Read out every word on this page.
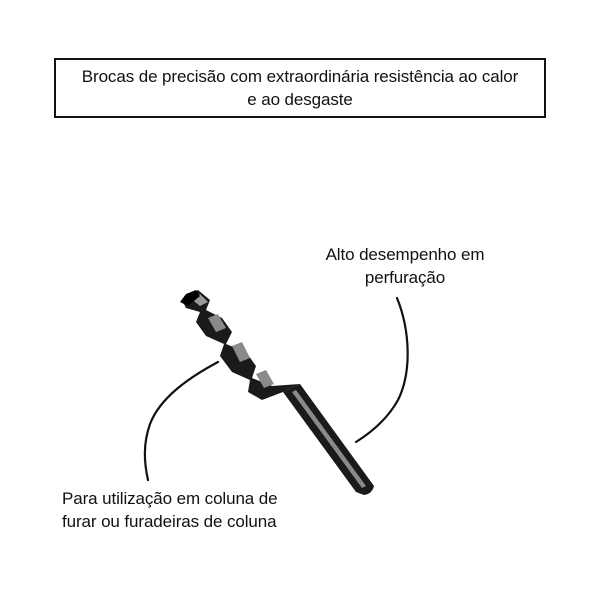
Brocas de precisão com extraordinária resistência ao calor
e ao desgaste
Alto desempenho em
perfuração
Para utilização em coluna de
furar ou furadeiras de coluna
